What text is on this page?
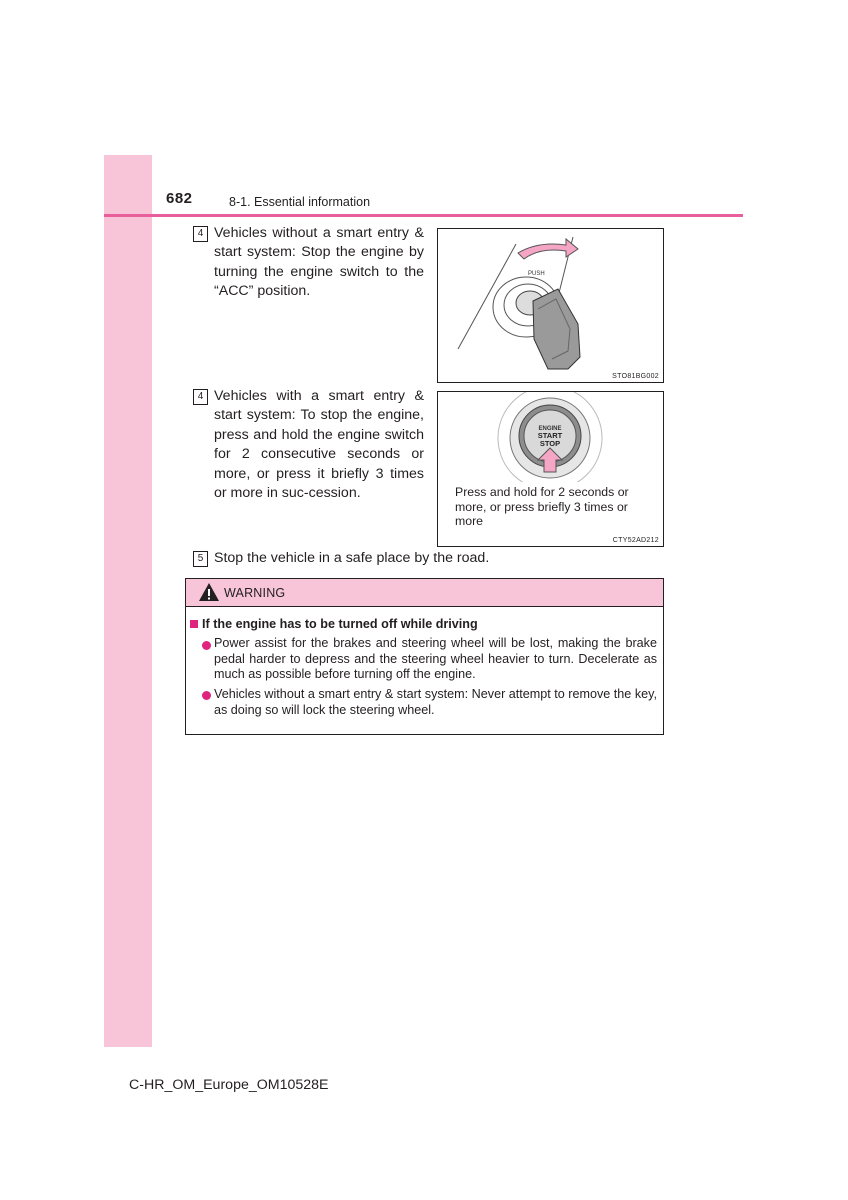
682	8-1. Essential information
4 Vehicles without a smart entry & start system: Stop the engine by turning the engine switch to the “ACC” position.
PUSH
STO81BG002
4 Vehicles with a smart entry & start system: To stop the engine, press and hold the engine switch for 2 consecutive seconds or more, or press it briefly 3 times or more in suc-cession.
ENGINE
START
STOP
Press and hold for 2 seconds or more, or press briefly 3 times or more
CTY52AD212
5 Stop the vehicle in a safe place by the road.
WARNING
If the engine has to be turned off while driving
Power assist for the brakes and steering wheel will be lost, making the brake pedal harder to depress and the steering wheel heavier to turn. Decelerate as much as possible before turning off the engine.
Vehicles without a smart entry & start system: Never attempt to remove the key, as doing so will lock the steering wheel.
C-HR_OM_Europe_OM10528E
